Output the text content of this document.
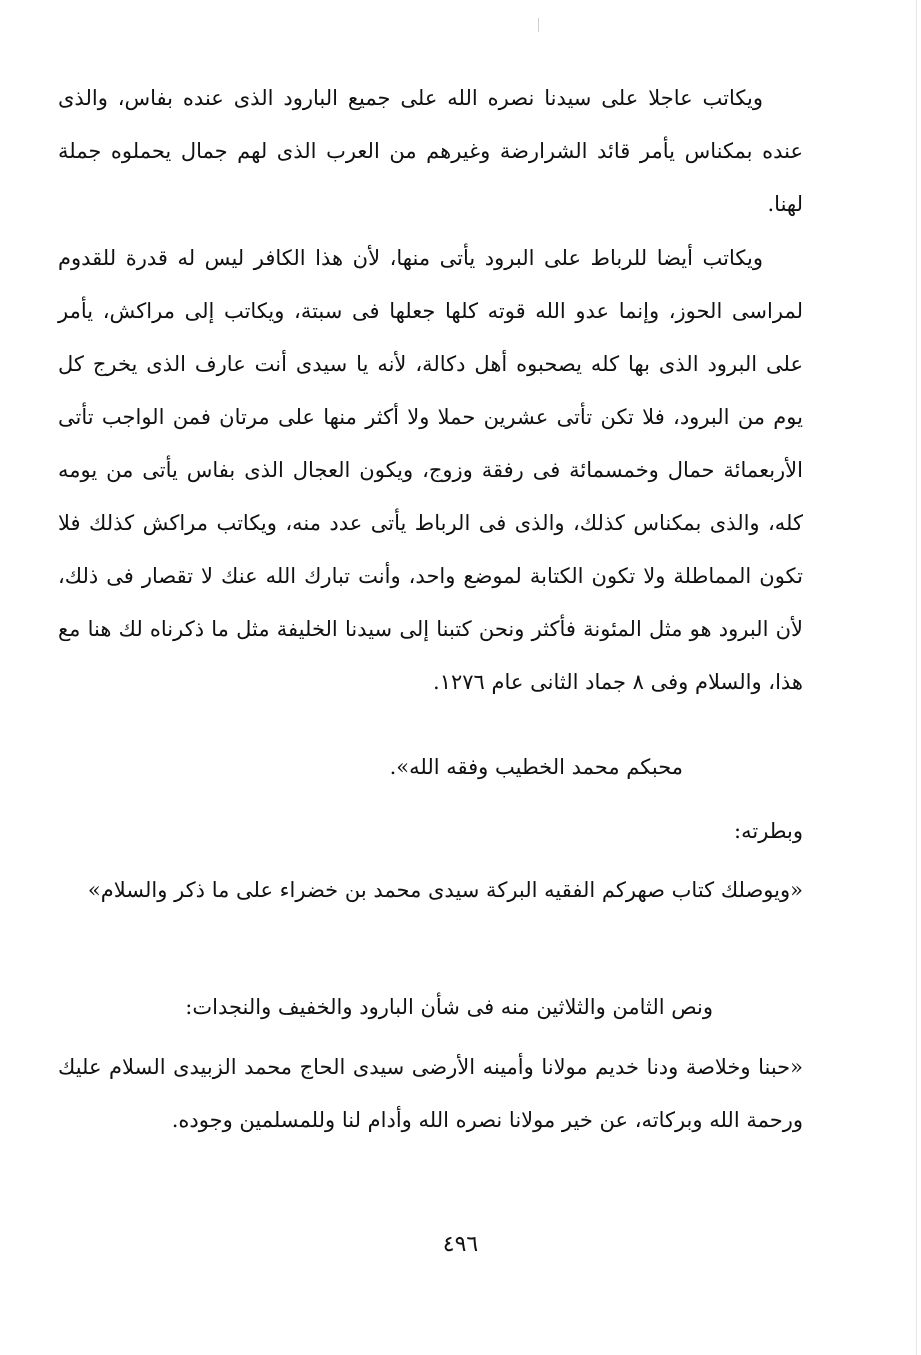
ويكاتب عاجلا على سيدنا نصره الله على جميع البارود الذى عنده بفاس، والذى عنده بمكناس يأمر قائد الشرارضة وغيرهم من العرب الذى لهم جمال يحملوه جملة لهنا.

ويكاتب أيضا للرباط على البرود يأتى منها، لأن هذا الكافر ليس له قدرة للقدوم لمراسى الحوز، وإنما عدو الله قوته كلها جعلها فى سبتة، ويكاتب إلى مراكش، يأمر على البرود الذى بها كله يصحبوه أهل دكالة، لأنه يا سيدى أنت عارف الذى يخرج كل يوم من البرود، فلا تكن تأتى عشرين حملا ولا أكثر منها على مرتان فمن الواجب تأتى الأربعمائة حمال وخمسمائة فى رفقة وزوج، ويكون العجال الذى بفاس يأتى من يومه كله، والذى بمكناس كذلك، والذى فى الرباط يأتى عدد منه، ويكاتب مراكش كذلك فلا تكون المماطلة ولا تكون الكتابة لموضع واحد، وأنت تبارك الله عنك لا تقصار فى ذلك، لأن البرود هو مثل المئونة فأكثر ونحن كتبنا إلى سيدنا الخليفة مثل ما ذكرناه لك هنا مع هذا، والسلام وفى ٨ جماد الثانى عام ١٢٧٦.

محبكم محمد الخطيب وفقه الله».

وبطرته:

«ويوصلك كتاب صهركم الفقيه البركة سيدى محمد بن خضراء على ما ذكر والسلام»

ونص الثامن والثلاثين منه فى شأن البارود والخفيف والنجدات:

«حبنا وخلاصة ودنا خديم مولانا وأمينه الأرضى سيدى الحاج محمد الزبيدى السلام عليك ورحمة الله وبركاته، عن خير مولانا نصره الله وأدام لنا وللمسلمين وجوده.

٤٩٦
